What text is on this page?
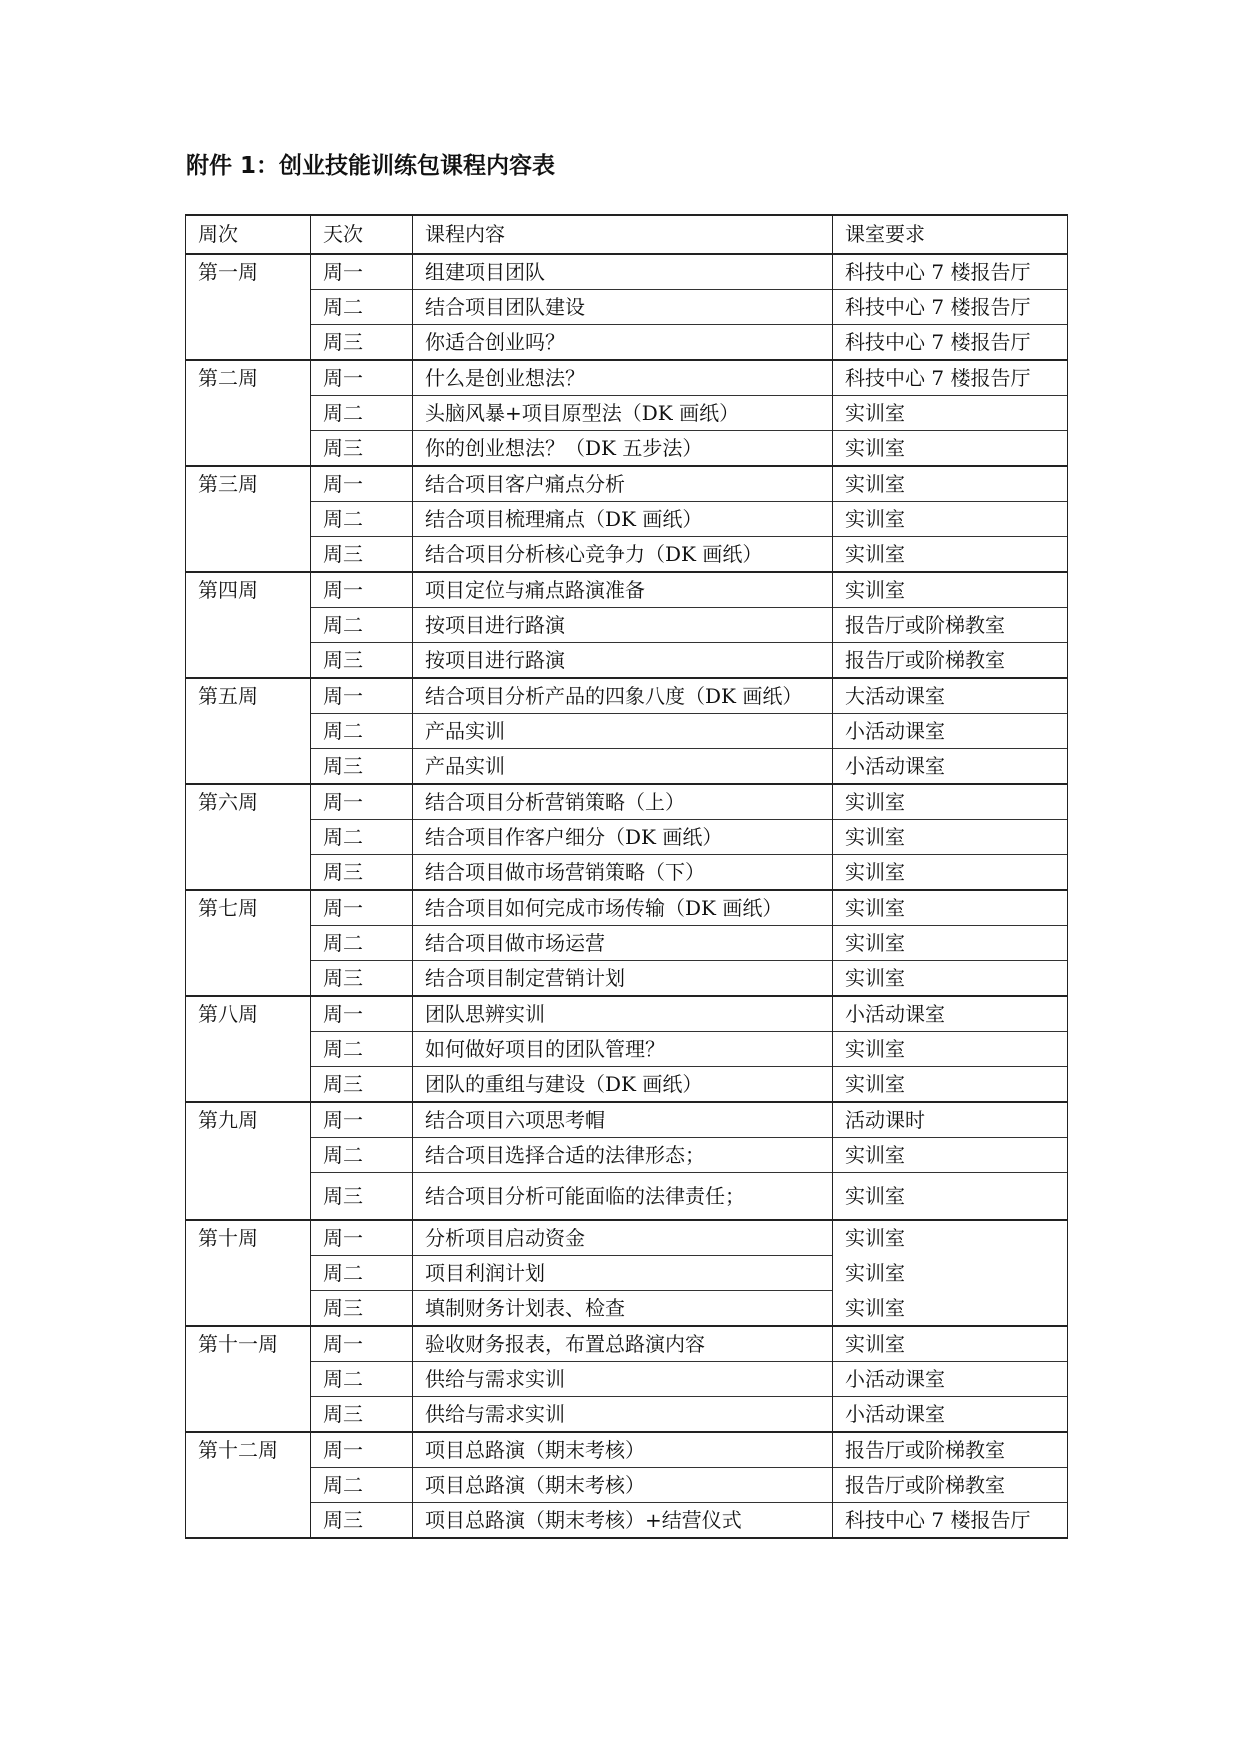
附件 1：创业技能训练包课程内容表
周次	天次	课程内容	课室要求
第一周	周一	组建项目团队	科技中心 7 楼报告厅
	周二	结合项目团队建设	科技中心 7 楼报告厅
	周三	你适合创业吗？	科技中心 7 楼报告厅
第二周	周一	什么是创业想法？	科技中心 7 楼报告厅
	周二	头脑风暴+项目原型法（DK 画纸）	实训室
	周三	你的创业想法？（DK 五步法）	实训室
第三周	周一	结合项目客户痛点分析	实训室
	周二	结合项目梳理痛点（DK 画纸）	实训室
	周三	结合项目分析核心竞争力（DK 画纸）	实训室
第四周	周一	项目定位与痛点路演准备	实训室
	周二	按项目进行路演	报告厅或阶梯教室
	周三	按项目进行路演	报告厅或阶梯教室
第五周	周一	结合项目分析产品的四象八度（DK 画纸）	大活动课室
	周二	产品实训	小活动课室
	周三	产品实训	小活动课室
第六周	周一	结合项目分析营销策略（上）	实训室
	周二	结合项目作客户细分（DK 画纸）	实训室
	周三	结合项目做市场营销策略（下）	实训室
第七周	周一	结合项目如何完成市场传输（DK 画纸）	实训室
	周二	结合项目做市场运营	实训室
	周三	结合项目制定营销计划	实训室
第八周	周一	团队思辨实训	小活动课室
	周二	如何做好项目的团队管理？	实训室
	周三	团队的重组与建设（DK 画纸）	实训室
第九周	周一	结合项目六项思考帽	活动课时
	周二	结合项目选择合适的法律形态；	实训室
	周三	结合项目分析可能面临的法律责任；	实训室
第十周	周一	分析项目启动资金	实训室
	周二	项目利润计划	实训室
	周三	填制财务计划表、检查	实训室
第十一周	周一	验收财务报表，布置总路演内容	实训室
	周二	供给与需求实训	小活动课室
	周三	供给与需求实训	小活动课室
第十二周	周一	项目总路演（期末考核）	报告厅或阶梯教室
	周二	项目总路演（期末考核）	报告厅或阶梯教室
	周三	项目总路演（期末考核）+结营仪式	科技中心 7 楼报告厅
